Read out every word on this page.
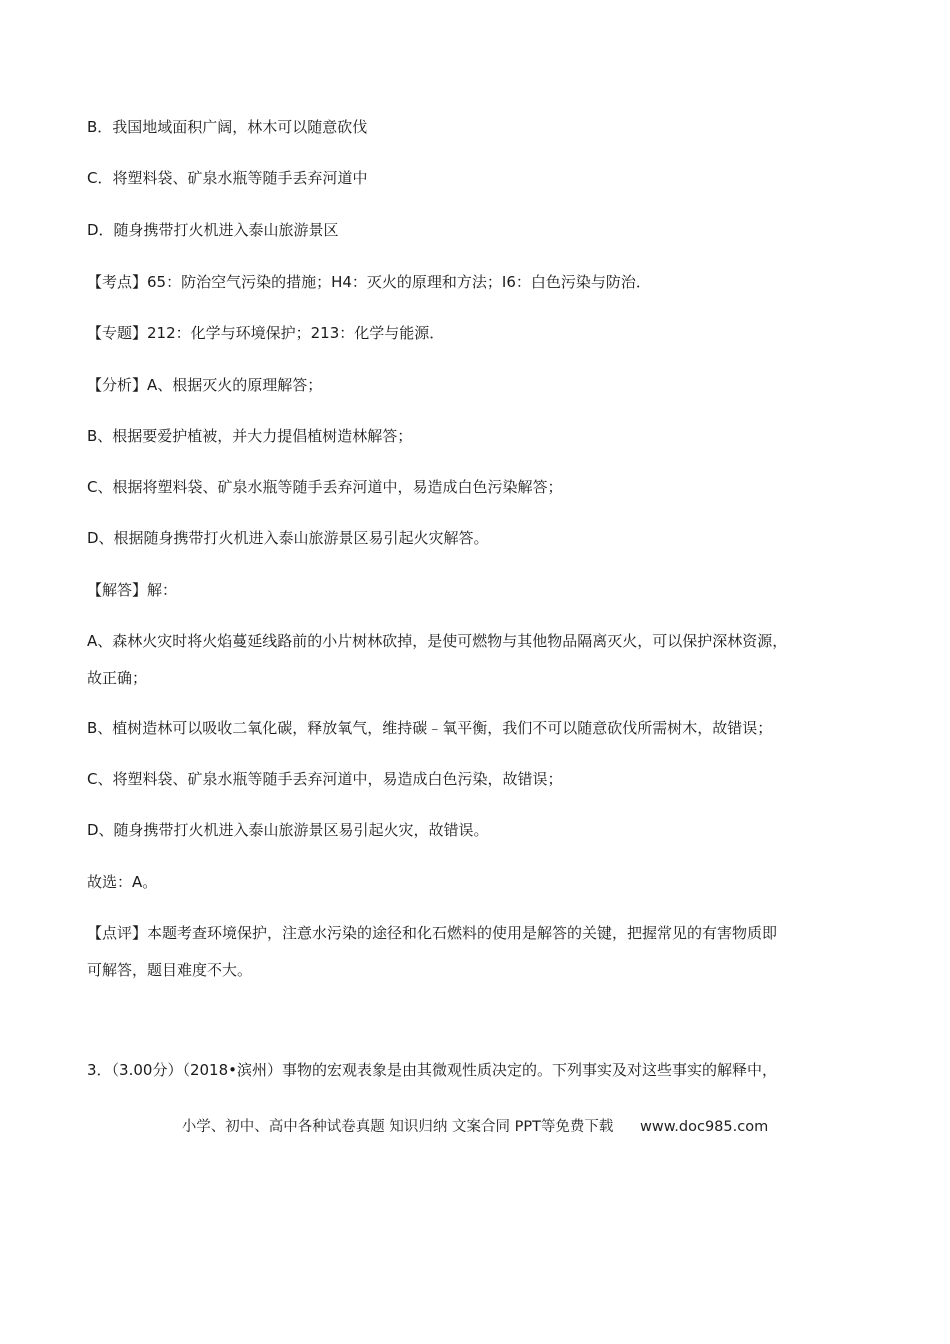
B．我国地域面积广阔，林木可以随意砍伐
C．将塑料袋、矿泉水瓶等随手丢弃河道中
D．随身携带打火机进入泰山旅游景区
【考点】65：防治空气污染的措施；H4：灭火的原理和方法；I6：白色污染与防治．
【专题】212：化学与环境保护；213：化学与能源．
【分析】A、根据灭火的原理解答；
B、根据要爱护植被，并大力提倡植树造林解答；
C、根据将塑料袋、矿泉水瓶等随手丢弃河道中，易造成白色污染解答；
D、根据随身携带打火机进入泰山旅游景区易引起火灾解答。
【解答】解：
A、森林火灾时将火焰蔓延线路前的小片树林砍掉，是使可燃物与其他物品隔离灭火，可以保护深林资源，
故正确；
B、植树造林可以吸收二氧化碳，释放氧气，维持碳﹣氧平衡，我们不可以随意砍伐所需树木，故错误；
C、将塑料袋、矿泉水瓶等随手丢弃河道中，易造成白色污染，故错误；
D、随身携带打火机进入泰山旅游景区易引起火灾，故错误。
故选：A。
【点评】本题考查环境保护，注意水污染的途径和化石燃料的使用是解答的关键，把握常见的有害物质即
可解答，题目难度不大。
3．（3.00分）（2018•滨州）事物的宏观表象是由其微观性质决定的。下列事实及对这些事实的解释中，
小学、初中、高中各种试卷真题 知识归纳 文案合同 PPT等免费下载 www.doc985.com
